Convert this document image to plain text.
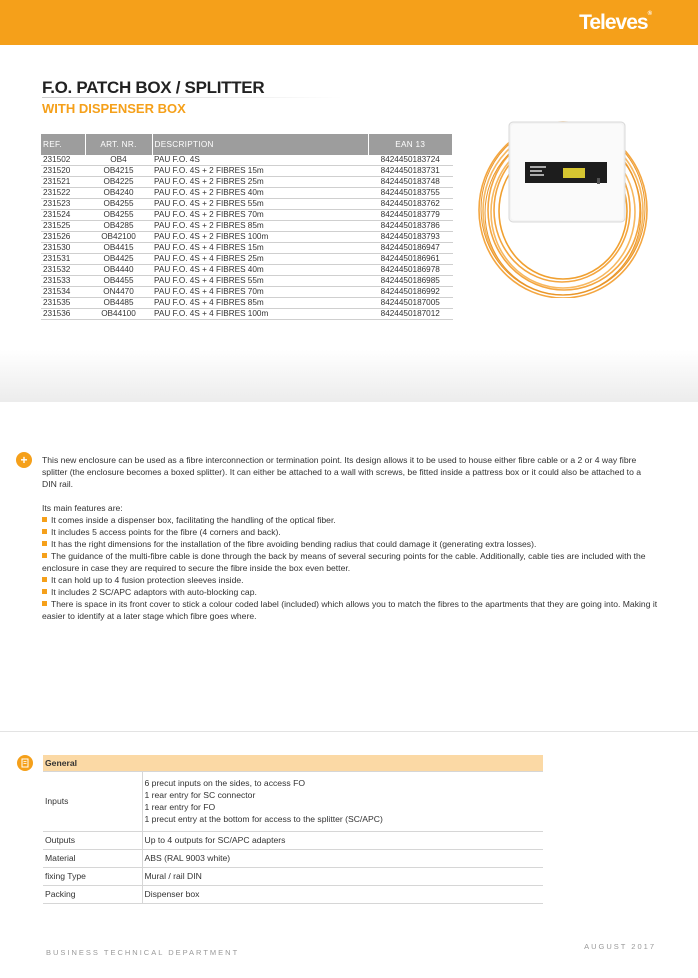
Televes®
F.O. PATCH BOX / SPLITTER
WITH DISPENSER BOX
REF.	ART. NR.	DESCRIPTION	EAN 13
231502	OB4	PAU F.O. 4S	8424450183724
231520	OB4215	PAU F.O. 4S + 2 FIBRES 15m	8424450183731
231521	OB4225	PAU F.O. 4S + 2 FIBRES 25m	8424450183748
231522	OB4240	PAU F.O. 4S + 2 FIBRES 40m	8424450183755
231523	OB4255	PAU F.O. 4S + 2 FIBRES 55m	8424450183762
231524	OB4255	PAU F.O. 4S + 2 FIBRES 70m	8424450183779
231525	OB4285	PAU F.O. 4S + 2 FIBRES 85m	8424450183786
231526	OB42100	PAU F.O. 4S + 2 FIBRES 100m	8424450183793
231530	OB4415	PAU F.O. 4S + 4 FIBRES 15m	8424450186947
231531	OB4425	PAU F.O. 4S + 4 FIBRES 25m	8424450186961
231532	OB4440	PAU F.O. 4S + 4 FIBRES 40m	8424450186978
231533	OB4455	PAU F.O. 4S + 4 FIBRES 55m	8424450186985
231534	ON4470	PAU F.O. 4S + 4 FIBRES 70m	8424450186992
231535	OB4485	PAU F.O. 4S + 4 FIBRES 85m	8424450187005
231536	OB44100	PAU F.O. 4S + 4 FIBRES 100m	8424450187012
+	This new enclosure can be used as a fibre interconnection or termination point. Its design allows it to be used to house either fibre cable or a 2 or 4 way fibre splitter (the enclosure becomes a boxed splitter). It can either be attached to a wall with screws, be fitted inside a pattress box or it could also be attached to a DIN rail.

Its main features are:
It comes inside a dispenser box, facilitating the handling of the optical fiber.
It includes 5 access points for the fibre (4 corners and back).
It has the right dimensions for the installation of the fibre avoiding bending radius that could damage it (generating extra losses).
The guidance of the multi-fibre cable is done through the back by means of several securing points for the cable. Additionally, cable ties are included with the enclosure in case they are required to secure the fibre inside the box even better.
It can hold up to 4 fusion protection sleeves inside.
It includes 2 SC/APC adaptors with auto-blocking cap.
There is space in its front cover to stick a colour coded label (included) which allows you to match the fibres to the apartments that they are going into. Making it easier to identify at a later stage which fibre goes where.
General	
Inputs	6 precut inputs on the sides, to access FO
1 rear entry for SC connector
1 rear entry for FO
1 precut entry at the bottom for access to the splitter (SC/APC)

Outputs	Up to 4 outputs for SC/APC adapters

Material	ABS (RAL 9003 white)

fixing Type	Mural / rail DIN

Packing	Dispenser box
BUSINESS TECHNICAL DEPARTMENT
AUGUST 2017
